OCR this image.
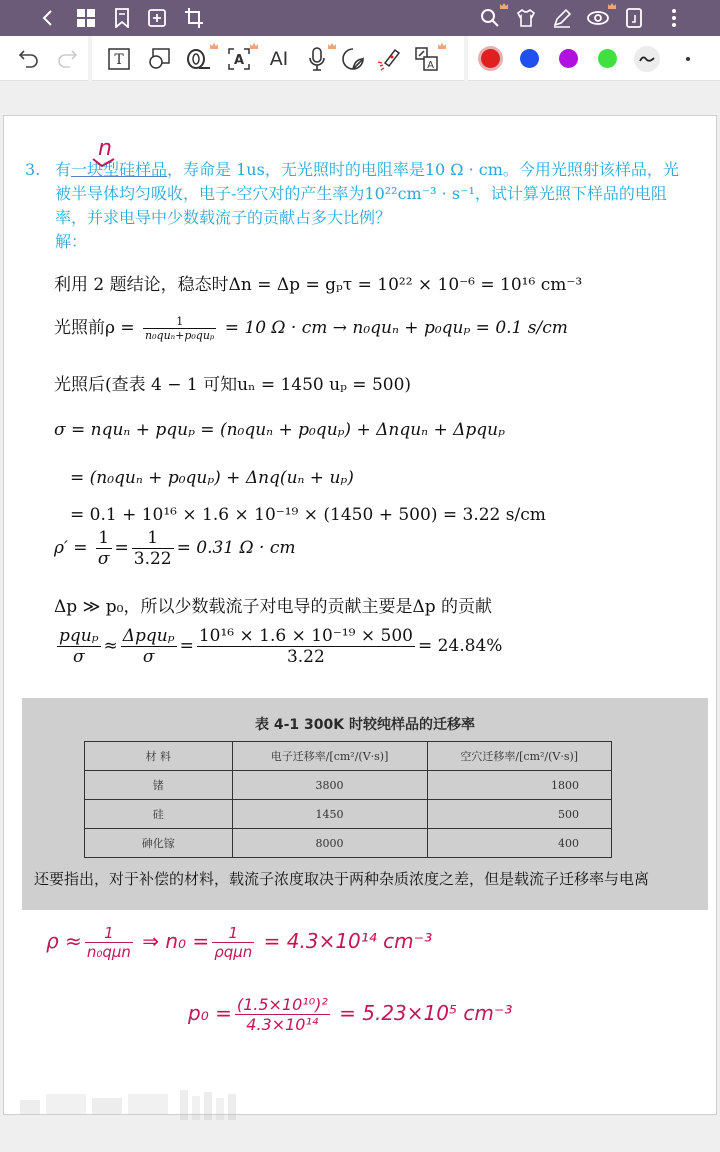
T	A AI	A
3. 有一块型硅样品，寿命是 1us，无光照时的电阻率是10 Ω · cm。今用光照射该样品，光被半导体均匀吸收，电子-空穴对的产生率为10²²cm⁻³ · s⁻¹，试计算光照下样品的电阻率，并求电导中少数载流子的贡献占多大比例？
解：
n
利用 2 题结论，稳态时Δn = Δp = gₚτ = 10²² × 10⁻⁶ = 10¹⁶ cm⁻³
光照前$\rho = \frac{1}{\text{n₀quₙ+p₀quₚ}} = 10$ Ω · cm → n₀quₙ + p₀quₚ = 0.1 s/cm
光照后(查表 4 − 1 可知uₙ = 1450 uₚ = 500)
σ = nquₙ + pquₚ = (n₀quₙ + p₀quₚ) + Δnquₙ + Δpquₚ
= (n₀quₙ + p₀quₚ) + Δnq(uₙ + uₚ)
= 0.1 + 10¹⁶ × 1.6 × 10⁻¹⁹ × (1450 + 500) = 3.22 s/cm
$\rho' = \frac{1}{\sigma} = \frac{1}{3.22} = 0.31$ Ω · cm
Δp ≫ p₀，所以少数载流子对电导的贡献主要是Δp 的贡献
$\frac{\text{pquₚ}}{\sigma} \approx \frac{\text{Δpquₚ}}{\sigma} = \frac{\text{10¹⁶ × 1.6 × 10⁻¹⁹ × 500}}{3.22} = 24.84\%$
表 4-1 300K 时较纯样品的迁移率
材 料	电子迁移率/[cm²/(V·s)]	空穴迁移率/[cm²/(V·s)]
锗	3800	1800
硅	1450	500
砷化镓	8000	400
还要指出，对于补偿的材料，载流子浓度取决于两种杂质浓度之差，但是载流子迁移率与电离
$\rho \approx \frac{1}{\text{n₀qμn}}$ ⇒ $n_0 = \frac{1}{\text{ρqμn}} = 4.3\times 10^{14}$ cm⁻³
$p_0 = \frac{\text{(1.5×10¹⁰)²}}{\text{4.3×10¹⁴}} = 5.23\times 10^5$ cm⁻³
